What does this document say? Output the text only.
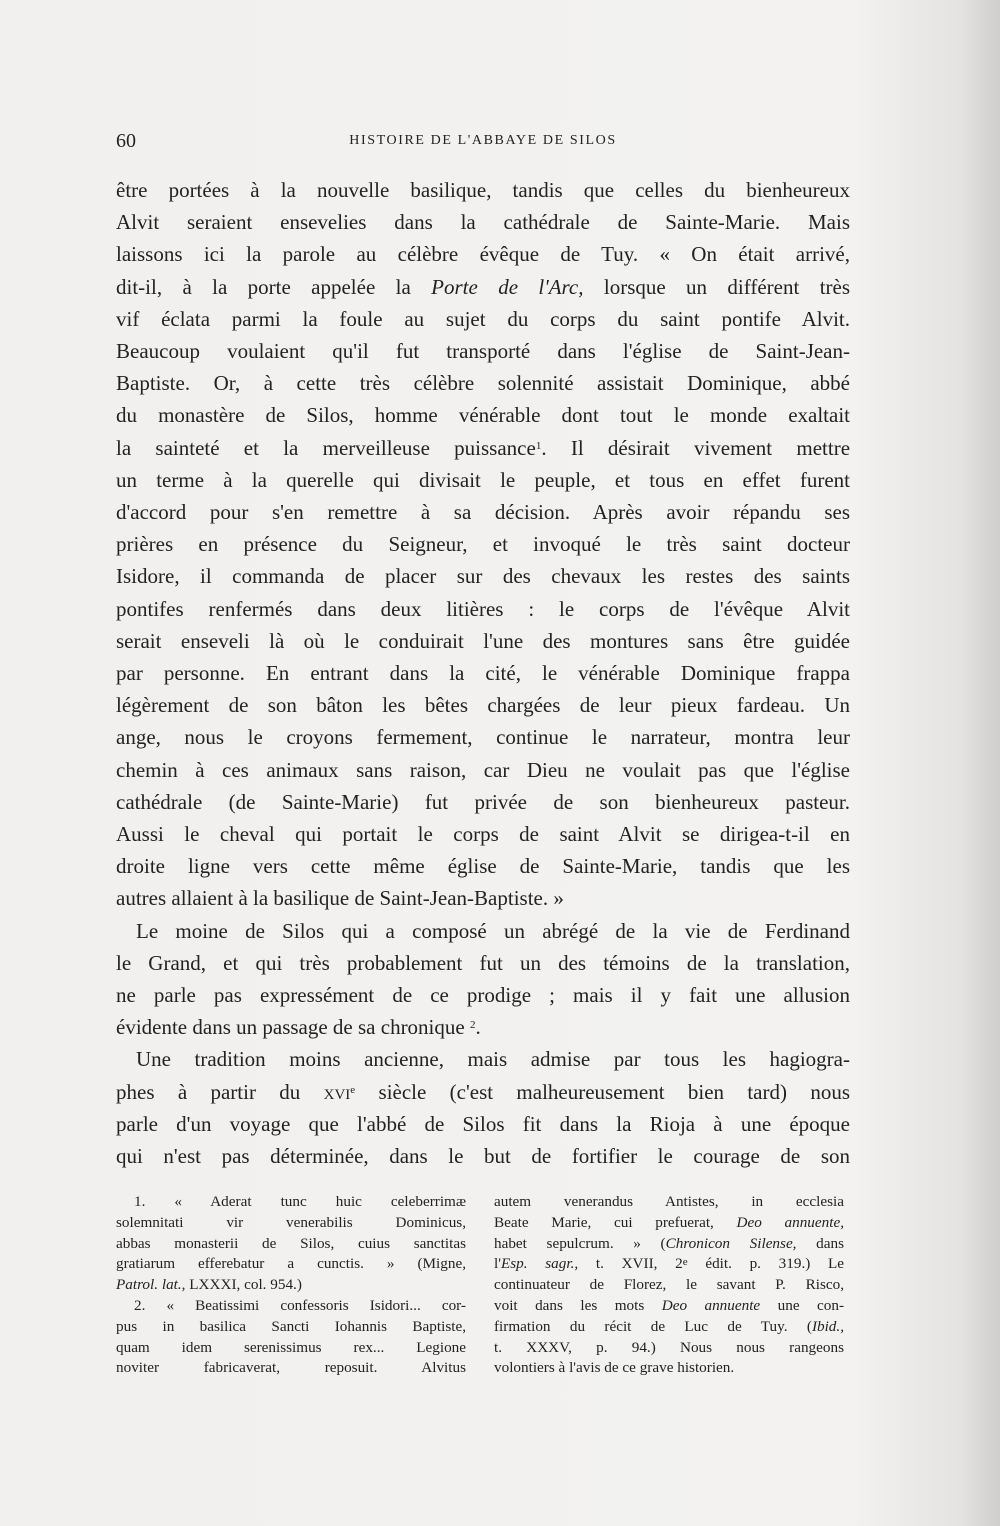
60	HISTOIRE DE L'ABBAYE DE SILOS

être portées à la nouvelle basilique, tandis que celles du bienheureux

Alvit seraient ensevelies dans la cathédrale de Sainte-Marie. Mais

laissons ici la parole au célèbre évêque de Tuy. « On était arrivé,

dit-il, à la porte appelée la Porte de l'Arc, lorsque un différent très

vif éclata parmi la foule au sujet du corps du saint pontife Alvit.

Beaucoup voulaient qu'il fut transporté dans l'église de Saint-Jean-

Baptiste. Or, à cette très célèbre solennité assistait Dominique, abbé

du monastère de Silos, homme vénérable dont tout le monde exaltait

la sainteté et la merveilleuse puissance$^1$. Il désirait vivement mettre

un terme à la querelle qui divisait le peuple, et tous en effet furent

d'accord pour s'en remettre à sa décision. Après avoir répandu ses

prières en présence du Seigneur, et invoqué le très saint docteur

Isidore, il commanda de placer sur des chevaux les restes des saints

pontifes renfermés dans deux litières : le corps de l'évêque Alvit

serait enseveli là où le conduirait l'une des montures sans être guidée

par personne. En entrant dans la cité, le vénérable Dominique frappa

légèrement de son bâton les bêtes chargées de leur pieux fardeau. Un

ange, nous le croyons fermement, continue le narrateur, montra leur

chemin à ces animaux sans raison, car Dieu ne voulait pas que l'église

cathédrale (de Sainte-Marie) fut privée de son bienheureux pasteur.

Aussi le cheval qui portait le corps de saint Alvit se dirigea-t-il en

droite ligne vers cette même église de Sainte-Marie, tandis que les

autres allaient à la basilique de Saint-Jean-Baptiste. »

Le moine de Silos qui a composé un abrégé de la vie de Ferdinand

le Grand, et qui très probablement fut un des témoins de la translation,

ne parle pas expressément de ce prodige ; mais il y fait une allusion

évidente dans un passage de sa chronique $^2$.

Une tradition moins ancienne, mais admise par tous les hagiogra-

phes à partir du xvi$^e$ siècle (c'est malheureusement bien tard) nous

parle d'un voyage que l'abbé de Silos fit dans la Rioja à une époque

qui n'est pas déterminée, dans le but de fortifier le courage de son

1. « Aderat tunc huic celeberrimæ

solemnitati vir venerabilis Dominicus,

abbas monasterii de Silos, cuius sanctitas

gratiarum efferebatur a cunctis. » (Migne,

Patrol. lat., LXXXI, col. 954.)

2. « Beatissimi confessoris Isidori... cor-

pus in basilica Sancti Iohannis Baptiste,

quam idem serenissimus rex... Legione

noviter fabricaverat, reposuit. Alvitus

autem venerandus Antistes, in ecclesia

Beate Marie, cui prefuerat, Deo annuente,

habet sepulcrum. » (Chronicon Silense, dans

l'Esp. sagr., t. XVII, 2e édit. p. 319.) Le

continuateur de Florez, le savant P. Risco,

voit dans les mots Deo annuente une con-

firmation du récit de Luc de Tuy. (Ibid.,

t. XXXV, p. 94.) Nous nous rangeons

volontiers à l'avis de ce grave historien.
